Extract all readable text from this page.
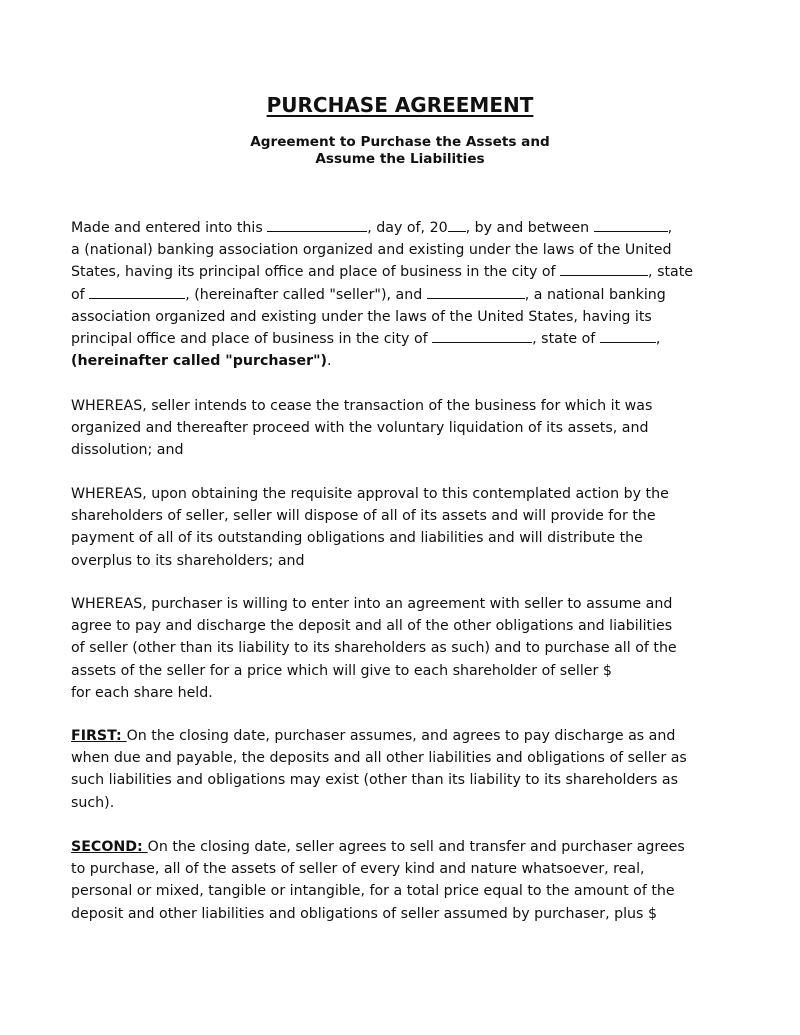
PURCHASE AGREEMENT
Agreement to Purchase the Assets and
Assume the Liabilities
Made and entered into this	, day of, 20 , by and between	,
a (national) banking association organized and existing under the laws of the United
States, having its principal office and place of business in the city of	, state
of	, (hereinafter called "seller"), and	, a national banking
association organized and existing under the laws of the United States, having its
principal office and place of business in the city of	, state of	,
(hereinafter called "purchaser").
WHEREAS, seller intends to cease the transaction of the business for which it was
organized and thereafter proceed with the voluntary liquidation of its assets, and
dissolution; and
WHEREAS, upon obtaining the requisite approval to this contemplated action by the
shareholders of seller, seller will dispose of all of its assets and will provide for the
payment of all of its outstanding obligations and liabilities and will distribute the
overplus to its shareholders; and
WHEREAS, purchaser is willing to enter into an agreement with seller to assume and
agree to pay and discharge the deposit and all of the other obligations and liabilities
of seller (other than its liability to its shareholders as such) and to purchase all of the
assets of the seller for a price which will give to each shareholder of seller $
for each share held.
FIRST: On the closing date, purchaser assumes, and agrees to pay discharge as and
when due and payable, the deposits and all other liabilities and obligations of seller as
such liabilities and obligations may exist (other than its liability to its shareholders as
such).
SECOND: On the closing date, seller agrees to sell and transfer and purchaser agrees
to purchase, all of the assets of seller of every kind and nature whatsoever, real,
personal or mixed, tangible or intangible, for a total price equal to the amount of the
deposit and other liabilities and obligations of seller assumed by purchaser, plus $
